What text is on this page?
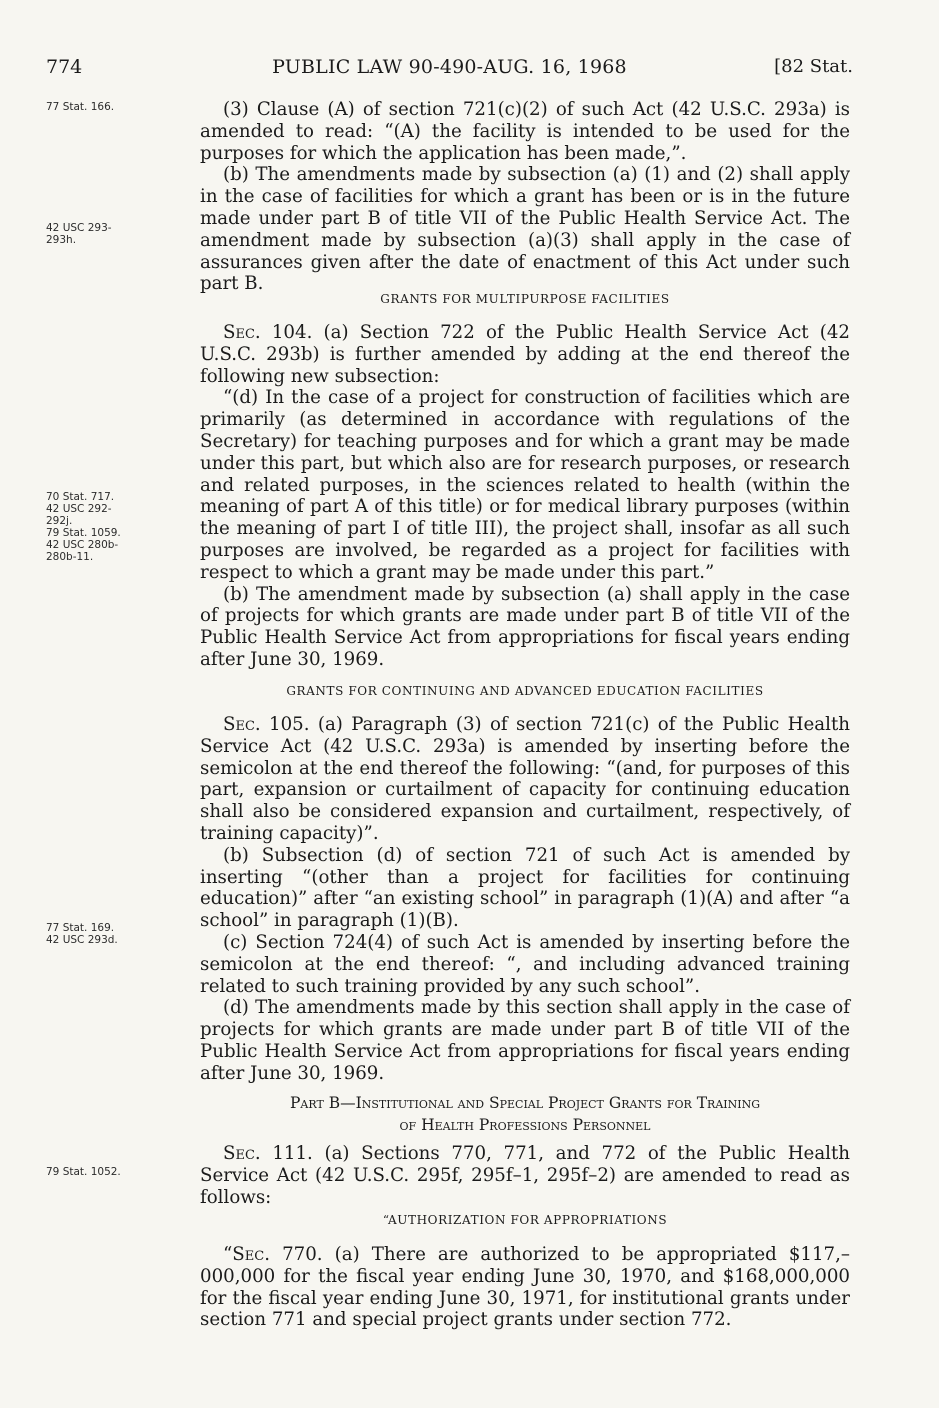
774	PUBLIC LAW 90-490-AUG. 16, 1968	[82 Stat.
77 Stat. 166.
42 USC 293-
293h.
70 Stat. 717.
42 USC 292-
292j.
79 Stat. 1059.
42 USC 280b-
280b-11.
77 Stat. 169.
42 USC 293d.
79 Stat. 1052.

(3) Clause (A) of section 721(c)(2) of such Act (42 U.S.C. 293a) is amended to read: “(A) the facility is intended to be used for the purposes for which the application has been made,”.

(b) The amendments made by subsection (a) (1) and (2) shall apply in the case of facilities for which a grant has been or is in the future made under part B of title VII of the Public Health Service Act. The amendment made by subsection (a)(3) shall apply in the case of assurances given after the date of enactment of this Act under such part B.

GRANTS FOR MULTIPURPOSE FACILITIES

Sec. 104. (a) Section 722 of the Public Health Service Act (42 U.S.C. 293b) is further amended by adding at the end thereof the following new subsection:

“(d) In the case of a project for construction of facilities which are primarily (as determined in accordance with regulations of the Secretary) for teaching purposes and for which a grant may be made under this part, but which also are for research purposes, or research and related purposes, in the sciences related to health (within the meaning of part A of this title) or for medical library purposes (within the meaning of part I of title III), the project shall, insofar as all such purposes are involved, be regarded as a project for facilities with respect to which a grant may be made under this part.”

(b) The amendment made by subsection (a) shall apply in the case of projects for which grants are made under part B of title VII of the Public Health Service Act from appropriations for fiscal years ending after June 30, 1969.

GRANTS FOR CONTINUING AND ADVANCED EDUCATION FACILITIES

Sec. 105. (a) Paragraph (3) of section 721(c) of the Public Health Service Act (42 U.S.C. 293a) is amended by inserting before the semicolon at the end thereof the following: “(and, for purposes of this part, expansion or curtailment of capacity for continuing education shall also be considered expansion and curtailment, respectively, of training capacity)”.

(b) Subsection (d) of section 721 of such Act is amended by inserting “(other than a project for facilities for continuing education)” after “an existing school” in paragraph (1)(A) and after “a school” in paragraph (1)(B).

(c) Section 724(4) of such Act is amended by inserting before the semicolon at the end thereof: “, and including advanced training related to such training provided by any such school”.

(d) The amendments made by this section shall apply in the case of projects for which grants are made under part B of title VII of the Public Health Service Act from appropriations for fiscal years ending after June 30, 1969.

Part B—Institutional and Special Project Grants for Training
of Health Professions Personnel

Sec. 111. (a) Sections 770, 771, and 772 of the Public Health Service Act (42 U.S.C. 295f, 295f–1, 295f–2) are amended to read as follows:

“AUTHORIZATION FOR APPROPRIATIONS

“Sec. 770. (a) There are authorized to be appropriated $117,–000,000 for the fiscal year ending June 30, 1970, and $168,000,000 for the fiscal year ending June 30, 1971, for institutional grants under section 771 and special project grants under section 772.
